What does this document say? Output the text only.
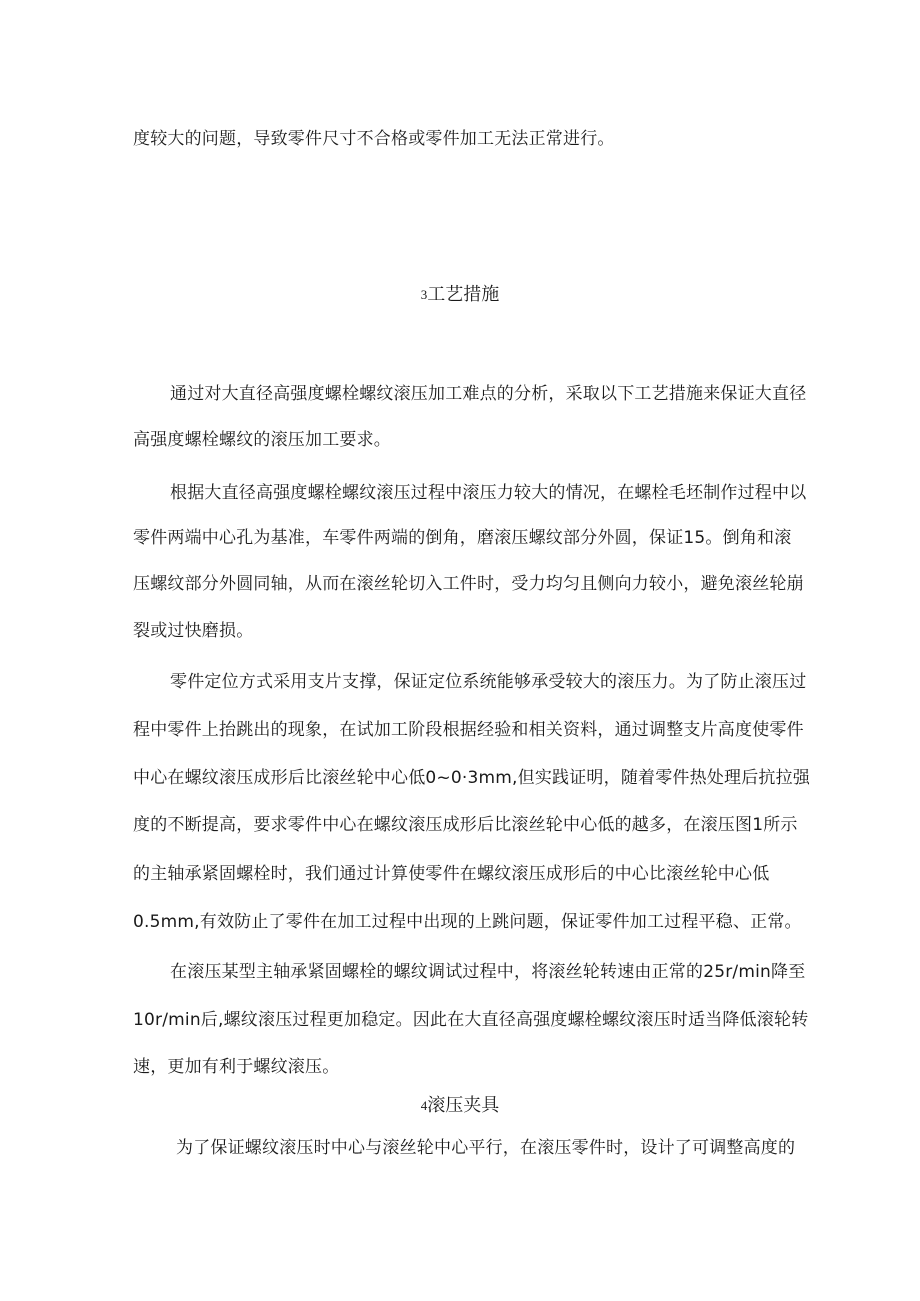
度较大的问题，导致零件尺寸不合格或零件加工无法正常进行。
3工艺措施
通过对大直径高强度螺栓螺纹滚压加工难点的分析，采取以下工艺措施来保证大直径
高强度螺栓螺纹的滚压加工要求。
根据大直径高强度螺栓螺纹滚压过程中滚压力较大的情况，在螺栓毛坯制作过程中以
零件两端中心孔为基准，车零件两端的倒角，磨滚压螺纹部分外圆，保证15。倒角和滚
压螺纹部分外圆同轴，从而在滚丝轮切入工件时，受力均匀且侧向力较小，避免滚丝轮崩
裂或过快磨损。
零件定位方式采用支片支撑，保证定位系统能够承受较大的滚压力。为了防止滚压过
程中零件上抬跳出的现象，在试加工阶段根据经验和相关资料，通过调整支片高度使零件
中心在螺纹滚压成形后比滚丝轮中心低0~0·3mm,但实践证明，随着零件热处理后抗拉强
度的不断提高，要求零件中心在螺纹滚压成形后比滚丝轮中心低的越多，在滚压图1所示
的主轴承紧固螺栓时，我们通过计算使零件在螺纹滚压成形后的中心比滚丝轮中心低
0.5mm,有效防止了零件在加工过程中出现的上跳问题，保证零件加工过程平稳、正常。
在滚压某型主轴承紧固螺栓的螺纹调试过程中，将滚丝轮转速由正常的25r∕min降至
10r∕min后,螺纹滚压过程更加稳定。因此在大直径高强度螺栓螺纹滚压时适当降低滚轮转
速，更加有利于螺纹滚压。
4滚压夹具
为了保证螺纹滚压时中心与滚丝轮中心平行，在滚压零件时，设计了可调整高度的
